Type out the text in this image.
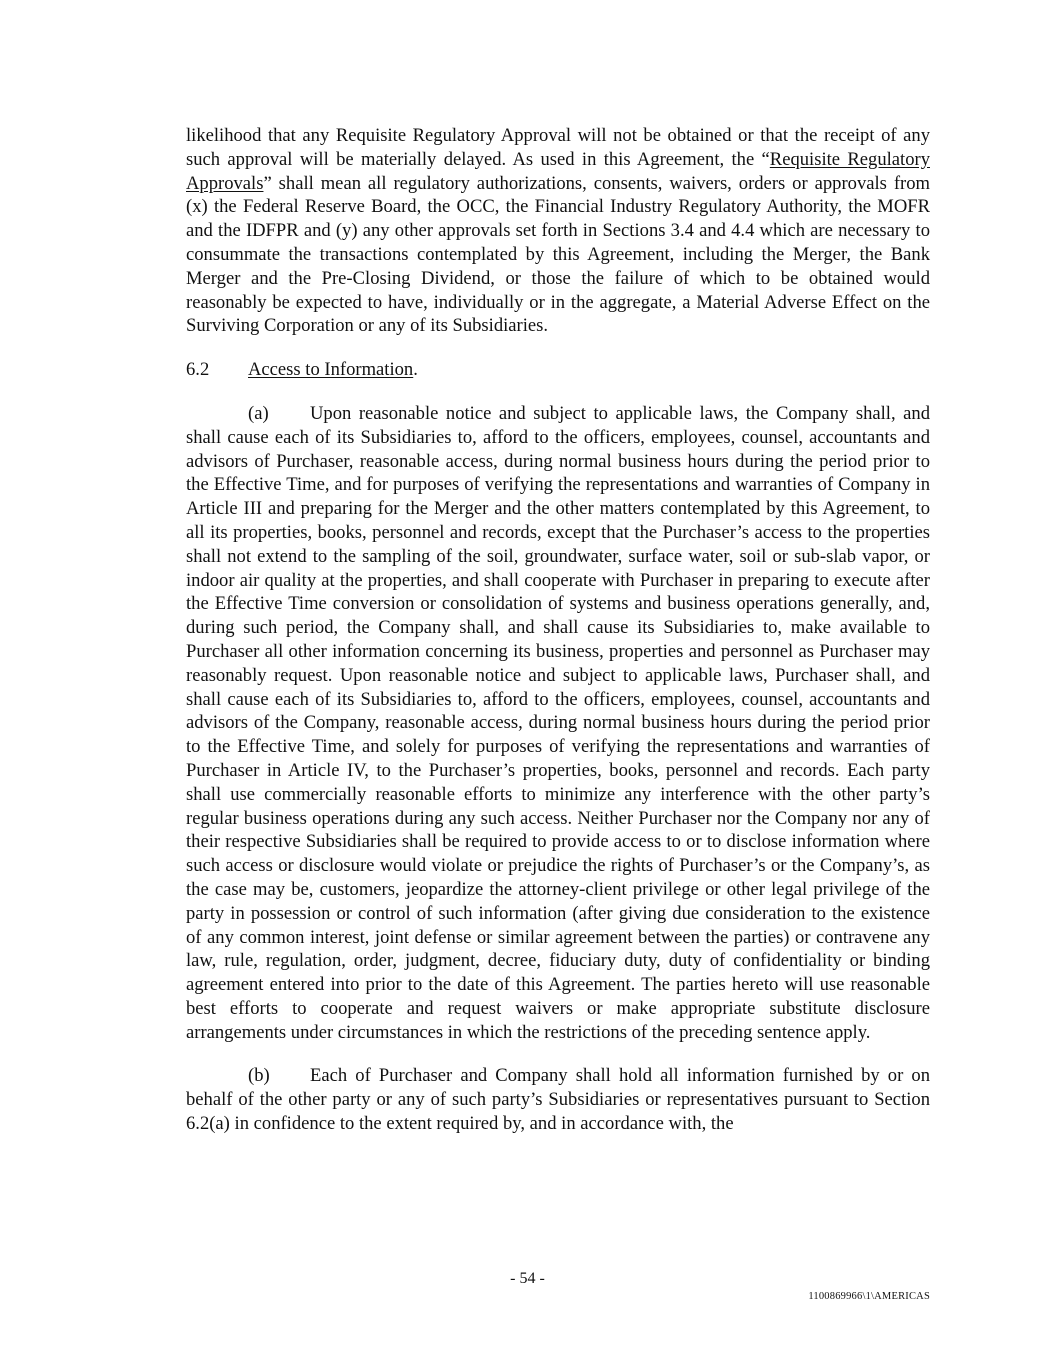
likelihood that any Requisite Regulatory Approval will not be obtained or that the receipt of any such approval will be materially delayed. As used in this Agreement, the “Requisite Regulatory Approvals” shall mean all regulatory authorizations, consents, waivers, orders or approvals from (x) the Federal Reserve Board, the OCC, the Financial Industry Regulatory Authority, the MOFR and the IDFPR and (y) any other approvals set forth in Sections 3.4 and 4.4 which are necessary to consummate the transactions contemplated by this Agreement, including the Merger, the Bank Merger and the Pre-Closing Dividend, or those the failure of which to be obtained would reasonably be expected to have, individually or in the aggregate, a Material Adverse Effect on the Surviving Corporation or any of its Subsidiaries.

6.2 Access to Information.

(a) Upon reasonable notice and subject to applicable laws, the Company shall, and shall cause each of its Subsidiaries to, afford to the officers, employees, counsel, accountants and advisors of Purchaser, reasonable access, during normal business hours during the period prior to the Effective Time, and for purposes of verifying the representations and warranties of Company in Article III and preparing for the Merger and the other matters contemplated by this Agreement, to all its properties, books, personnel and records, except that the Purchaser’s access to the properties shall not extend to the sampling of the soil, groundwater, surface water, soil or sub-slab vapor, or indoor air quality at the properties, and shall cooperate with Purchaser in preparing to execute after the Effective Time conversion or consolidation of systems and business operations generally, and, during such period, the Company shall, and shall cause its Subsidiaries to, make available to Purchaser all other information concerning its business, properties and personnel as Purchaser may reasonably request. Upon reasonable notice and subject to applicable laws, Purchaser shall, and shall cause each of its Subsidiaries to, afford to the officers, employees, counsel, accountants and advisors of the Company, reasonable access, during normal business hours during the period prior to the Effective Time, and solely for purposes of verifying the representations and warranties of Purchaser in Article IV, to the Purchaser’s properties, books, personnel and records. Each party shall use commercially reasonable efforts to minimize any interference with the other party’s regular business operations during any such access. Neither Purchaser nor the Company nor any of their respective Subsidiaries shall be required to provide access to or to disclose information where such access or disclosure would violate or prejudice the rights of Purchaser’s or the Company’s, as the case may be, customers, jeopardize the attorney-client privilege or other legal privilege of the party in possession or control of such information (after giving due consideration to the existence of any common interest, joint defense or similar agreement between the parties) or contravene any law, rule, regulation, order, judgment, decree, fiduciary duty, duty of confidentiality or binding agreement entered into prior to the date of this Agreement. The parties hereto will use reasonable best efforts to cooperate and request waivers or make appropriate substitute disclosure arrangements under circumstances in which the restrictions of the preceding sentence apply.

(b) Each of Purchaser and Company shall hold all information furnished by or on behalf of the other party or any of such party’s Subsidiaries or representatives pursuant to Section 6.2(a) in confidence to the extent required by, and in accordance with, the

- 54 -
1100869966\1\AMERICAS
